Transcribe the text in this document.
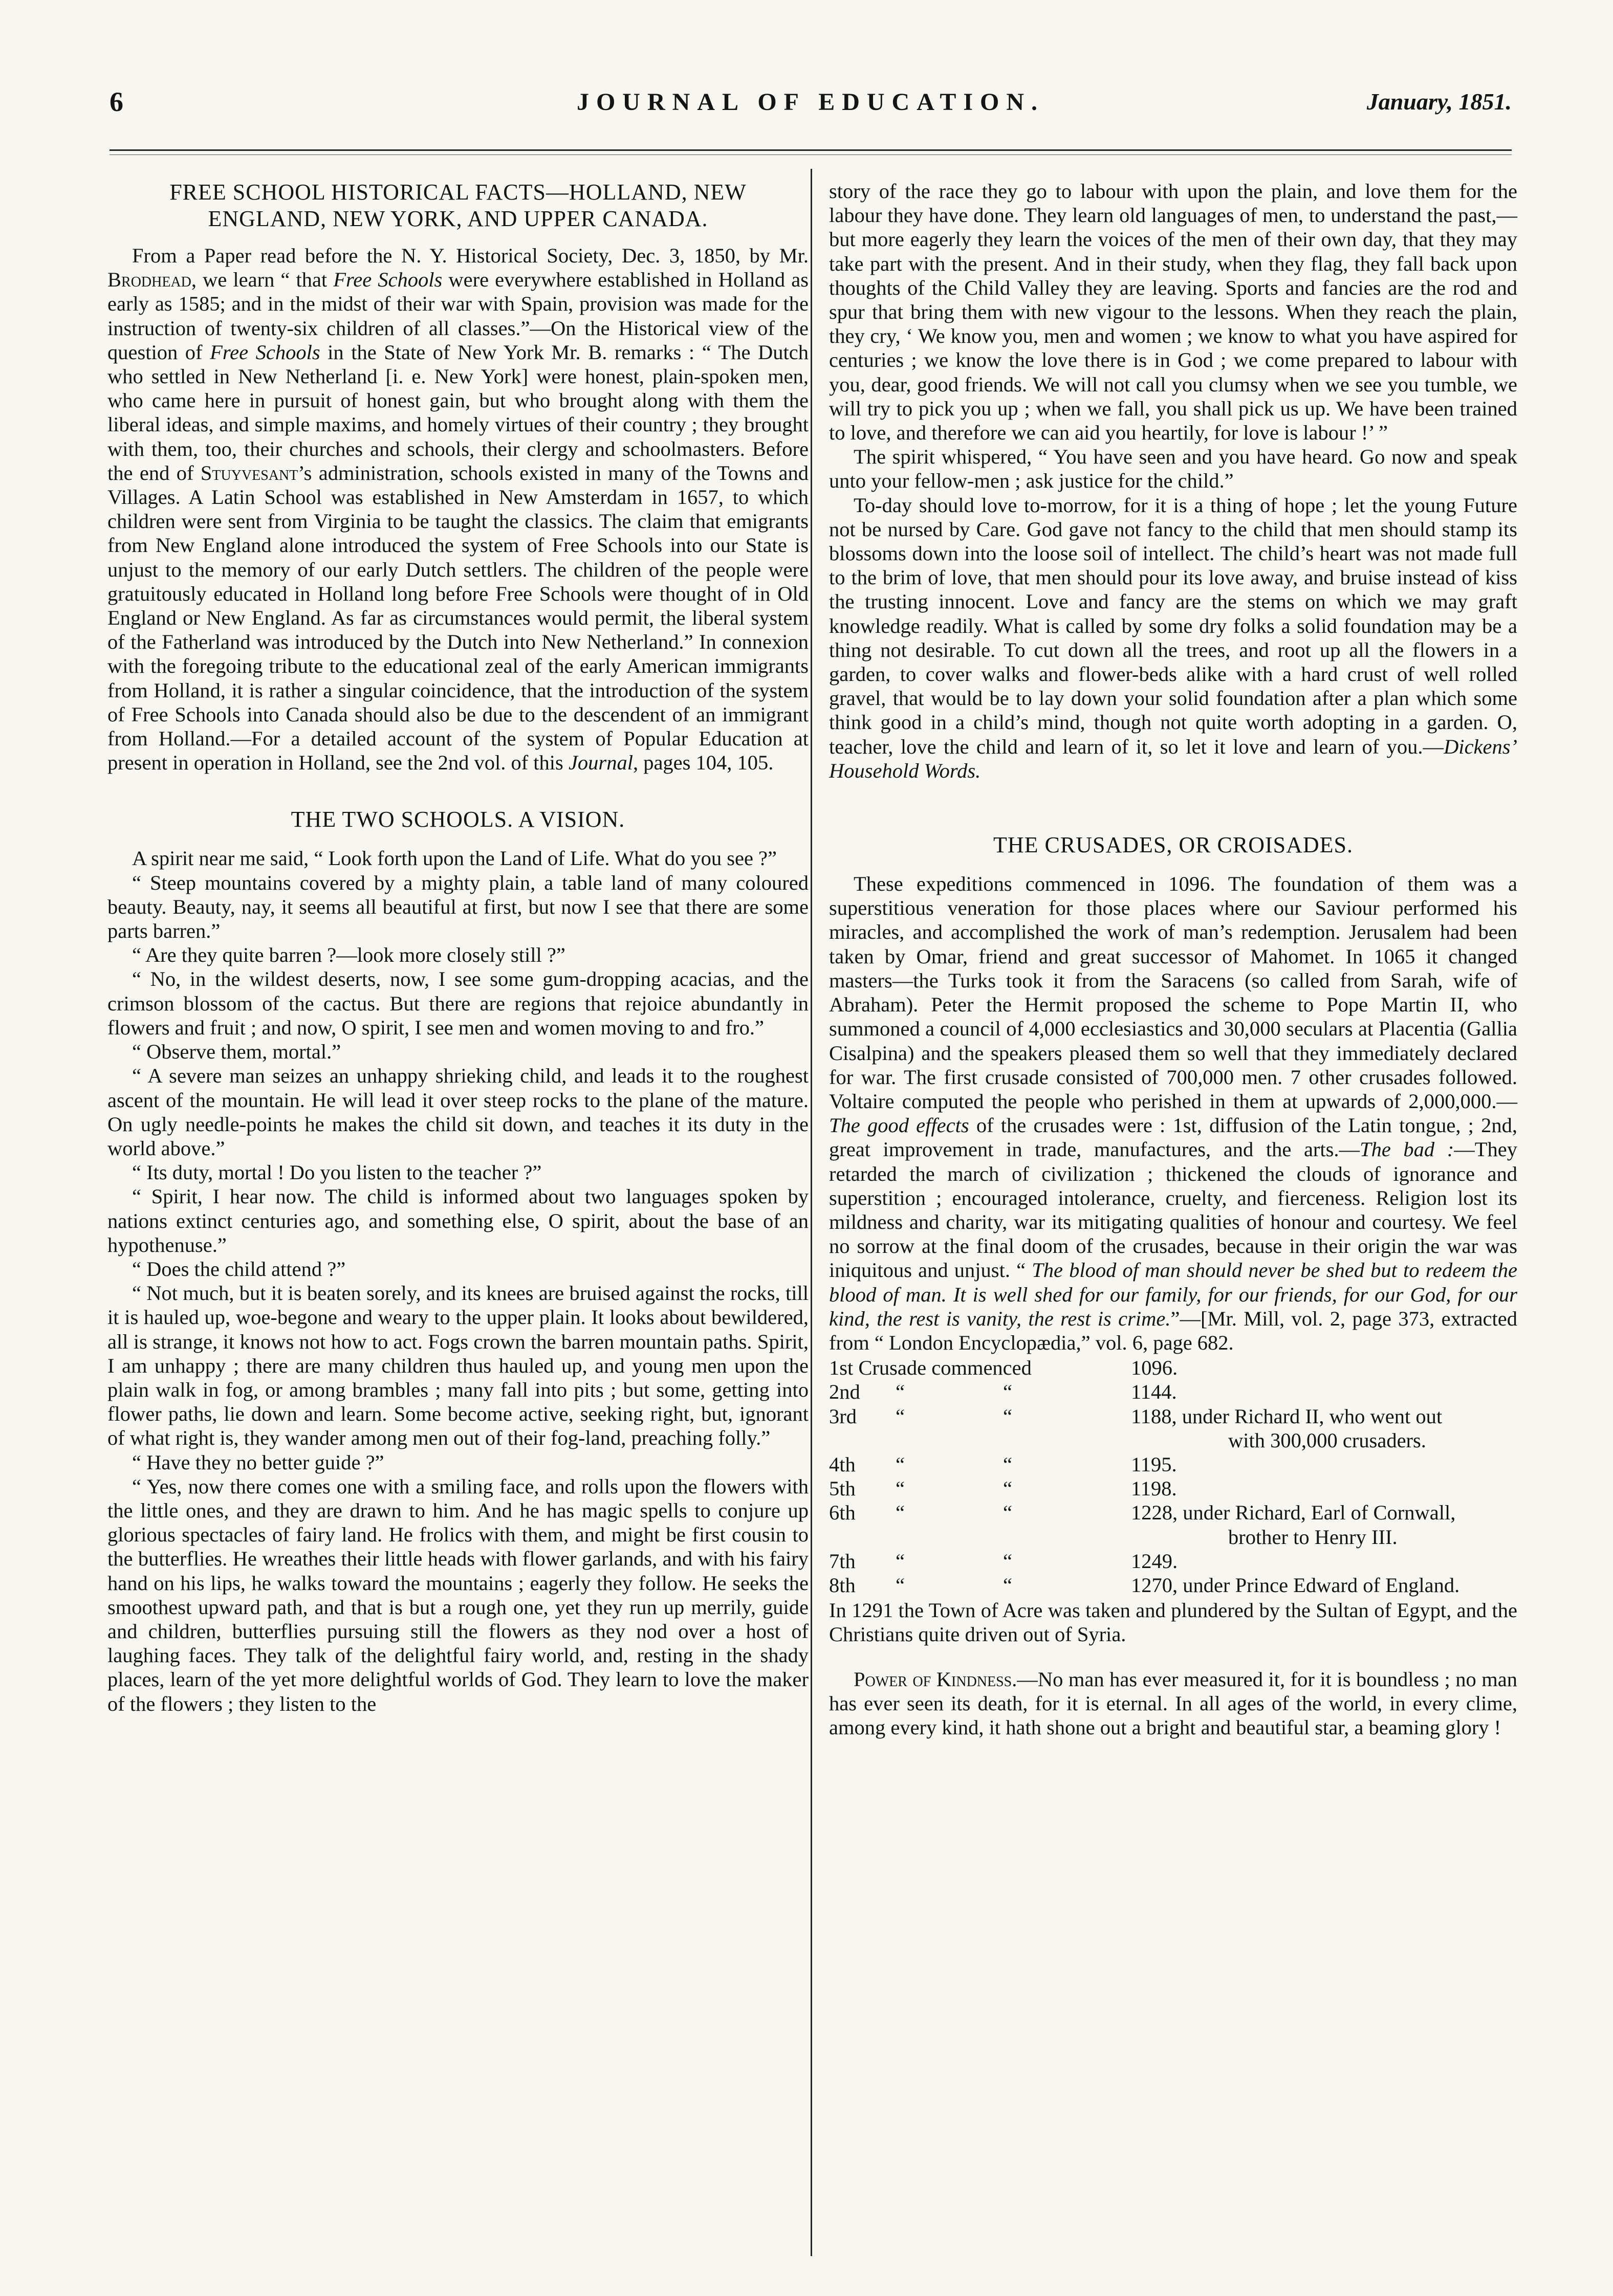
6	JOURNAL OF EDUCATION.	January, 1851.
FREE SCHOOL HISTORICAL FACTS—HOLLAND, NEW ENGLAND, NEW YORK, AND UPPER CANADA.

From a Paper read before the N. Y. Historical Society, Dec. 3, 1850, by Mr. Brodhead, we learn “ that Free Schools were everywhere established in Holland as early as 1585; and in the midst of their war with Spain, provision was made for the instruction of twenty-six children of all classes.”—On the Historical view of the question of Free Schools in the State of New York Mr. B. remarks : “ The Dutch who settled in New Netherland [i. e. New York] were honest, plain-spoken men, who came here in pursuit of honest gain, but who brought along with them the liberal ideas, and simple maxims, and homely virtues of their country ; they brought with them, too, their churches and schools, their clergy and schoolmasters. Before the end of Stuyvesant’s administration, schools existed in many of the Towns and Villages. A Latin School was established in New Amsterdam in 1657, to which children were sent from Virginia to be taught the classics. The claim that emigrants from New England alone introduced the system of Free Schools into our State is unjust to the memory of our early Dutch settlers. The children of the people were gratuitously educated in Holland long before Free Schools were thought of in Old England or New England. As far as circumstances would permit, the liberal system of the Fatherland was introduced by the Dutch into New Netherland.” In connexion with the foregoing tribute to the educational zeal of the early American immigrants from Holland, it is rather a singular coincidence, that the introduction of the system of Free Schools into Canada should also be due to the descendent of an immigrant from Holland.—For a detailed account of the system of Popular Education at present in operation in Holland, see the 2nd vol. of this Journal, pages 104, 105.

THE TWO SCHOOLS. A VISION.

A spirit near me said, “ Look forth upon the Land of Life. What do you see ?”

“ Steep mountains covered by a mighty plain, a table land of many coloured beauty. Beauty, nay, it seems all beautiful at first, but now I see that there are some parts barren.”

“ Are they quite barren ?—look more closely still ?”

“ No, in the wildest deserts, now, I see some gum-dropping acacias, and the crimson blossom of the cactus. But there are regions that rejoice abundantly in flowers and fruit ; and now, O spirit, I see men and women moving to and fro.”

“ Observe them, mortal.”

“ A severe man seizes an unhappy shrieking child, and leads it to the roughest ascent of the mountain. He will lead it over steep rocks to the plane of the mature. On ugly needle-points he makes the child sit down, and teaches it its duty in the world above.”

“ Its duty, mortal ! Do you listen to the teacher ?”

“ Spirit, I hear now. The child is informed about two languages spoken by nations extinct centuries ago, and something else, O spirit, about the base of an hypothenuse.”

“ Does the child attend ?”

“ Not much, but it is beaten sorely, and its knees are bruised against the rocks, till it is hauled up, woe-begone and weary to the upper plain. It looks about bewildered, all is strange, it knows not how to act. Fogs crown the barren mountain paths. Spirit, I am unhappy ; there are many children thus hauled up, and young men upon the plain walk in fog, or among brambles ; many fall into pits ; but some, getting into flower paths, lie down and learn. Some become active, seeking right, but, ignorant of what right is, they wander among men out of their fog-land, preaching folly.”

“ Have they no better guide ?”

“ Yes, now there comes one with a smiling face, and rolls upon the flowers with the little ones, and they are drawn to him. And he has magic spells to conjure up glorious spectacles of fairy land. He frolics with them, and might be first cousin to the butterflies. He wreathes their little heads with flower garlands, and with his fairy hand on his lips, he walks toward the mountains ; eagerly they follow. He seeks the smoothest upward path, and that is but a rough one, yet they run up merrily, guide and children, butterflies pursuing still the flowers as they nod over a host of laughing faces. They talk of the delightful fairy world, and, resting in the shady places, learn of the yet more delightful worlds of God. They learn to love the maker of the flowers ; they listen to the

story of the race they go to labour with upon the plain, and love them for the labour they have done. They learn old languages of men, to understand the past,—but more eagerly they learn the voices of the men of their own day, that they may take part with the present. And in their study, when they flag, they fall back upon thoughts of the Child Valley they are leaving. Sports and fancies are the rod and spur that bring them with new vigour to the lessons. When they reach the plain, they cry, ‘ We know you, men and women ; we know to what you have aspired for centuries ; we know the love there is in God ; we come prepared to labour with you, dear, good friends. We will not call you clumsy when we see you tumble, we will try to pick you up ; when we fall, you shall pick us up. We have been trained to love, and therefore we can aid you heartily, for love is labour !’ ”

The spirit whispered, “ You have seen and you have heard. Go now and speak unto your fellow-men ; ask justice for the child.”

To-day should love to-morrow, for it is a thing of hope ; let the young Future not be nursed by Care. God gave not fancy to the child that men should stamp its blossoms down into the loose soil of intellect. The child’s heart was not made full to the brim of love, that men should pour its love away, and bruise instead of kiss the trusting innocent. Love and fancy are the stems on which we may graft knowledge readily. What is called by some dry folks a solid foundation may be a thing not desirable. To cut down all the trees, and root up all the flowers in a garden, to cover walks and flower-beds alike with a hard crust of well rolled gravel, that would be to lay down your solid foundation after a plan which some think good in a child’s mind, though not quite worth adopting in a garden. O, teacher, love the child and learn of it, so let it love and learn of you.—Dickens’ Household Words.

THE CRUSADES, OR CROISADES.

These expeditions commenced in 1096. The foundation of them was a superstitious veneration for those places where our Saviour performed his miracles, and accomplished the work of man’s redemption. Jerusalem had been taken by Omar, friend and great successor of Mahomet. In 1065 it changed masters—the Turks took it from the Saracens (so called from Sarah, wife of Abraham). Peter the Hermit proposed the scheme to Pope Martin II, who summoned a council of 4,000 ecclesiastics and 30,000 seculars at Placentia (Gallia Cisalpina) and the speakers pleased them so well that they immediately declared for war. The first crusade consisted of 700,000 men. 7 other crusades followed. Voltaire computed the people who perished in them at upwards of 2,000,000.—The good effects of the crusades were : 1st, diffusion of the Latin tongue, ; 2nd, great improvement in trade, manufactures, and the arts.—The bad :—They retarded the march of civilization ; thickened the clouds of ignorance and superstition ; encouraged intolerance, cruelty, and fierceness. Religion lost its mildness and charity, war its mitigating qualities of honour and courtesy. We feel no sorrow at the final doom of the crusades, because in their origin the war was iniquitous and unjust. “ The blood of man should never be shed but to redeem the blood of man. It is well shed for our family, for our friends, for our God, for our kind, the rest is vanity, the rest is crime.”—[Mr. Mill, vol. 2, page 373, extracted from “ London Encyclopædia,” vol. 6, page 682.

1st Crusade commenced			1096.
2nd	“	“	1144.
3rd	“	“	1188, under Richard II, who went out
with 300,000 crusaders.

4th	“	“	1195.
5th	“	“	1198.
6th	“	“	1228, under Richard, Earl of Cornwall,
brother to Henry III.

7th	“	“	1249.
8th	“	“	1270, under Prince Edward of England.

In 1291 the Town of Acre was taken and plundered by the Sultan of Egypt, and the Christians quite driven out of Syria.

Power of Kindness.—No man has ever measured it, for it is boundless ; no man has ever seen its death, for it is eternal. In all ages of the world, in every clime, among every kind, it hath shone out a bright and beautiful star, a beaming glory !
